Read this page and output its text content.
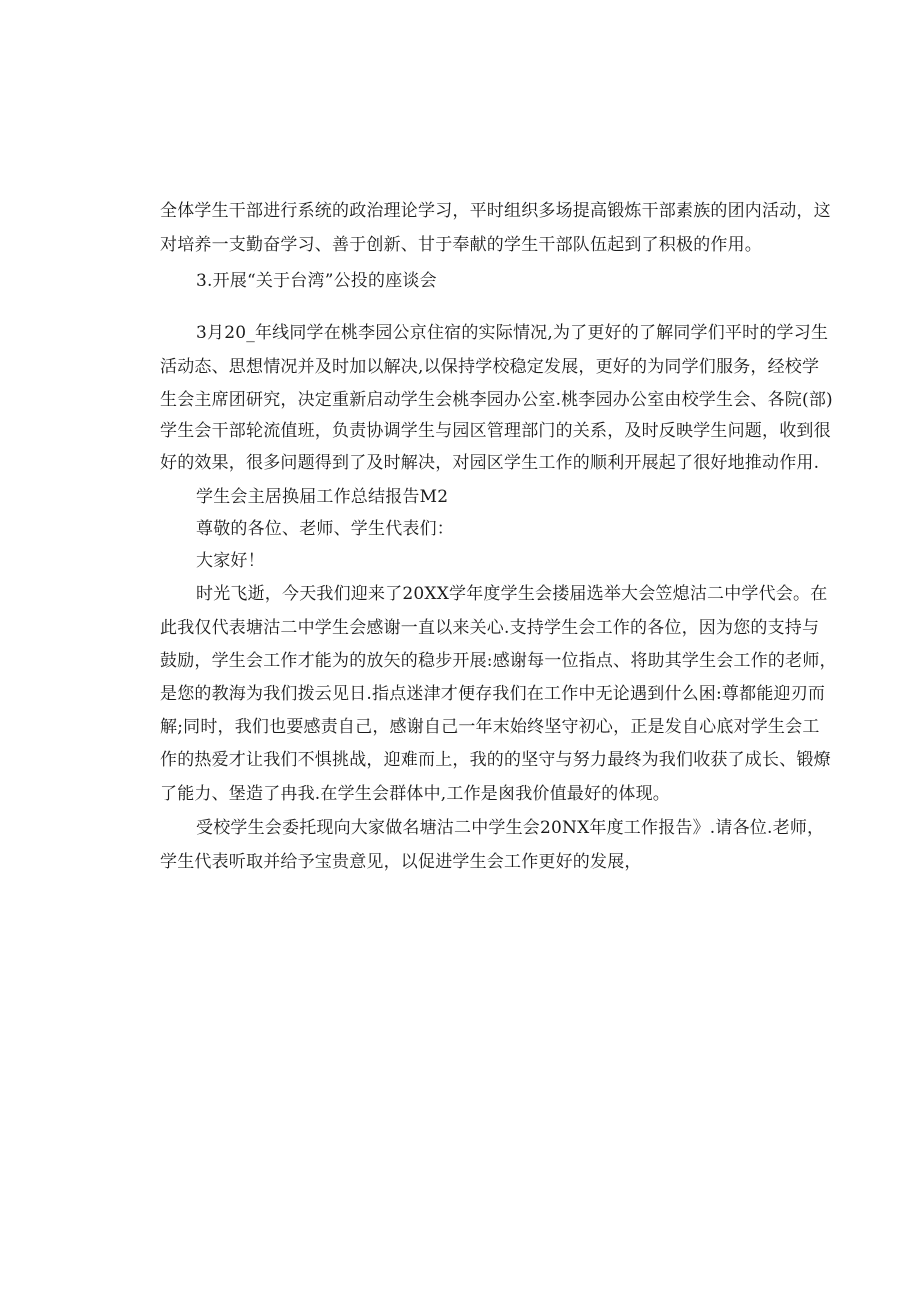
全体学生干部进行系统的政治理论学习，平时组织多场提高锻炼干部素族的团内活动，这
对培养一支勤奋学习、善于创新、甘于奉献的学生干部队伍起到了积极的作用。
3.开展“关于台湾”公投的座谈会
3月20_年线同学在桃李园公京住宿的实际情况,为了更好的了解同学们平时的学习生
活动态、思想情况并及时加以解决,以保持学校稳定发展，更好的为同学们服务，经校学
生会主席团研究，决定重新启动学生会桃李园办公室.桃李园办公室由校学生会、各院(部)
学生会干部轮流值班，负责协调学生与园区管理部门的关系，及时反映学生问题，收到很
好的效果，很多问题得到了及时解决，对园区学生工作的顺利开展起了很好地推动作用.
学生会主居换届工作总结报告M2
尊敬的各位、老师、学生代表们：
大家好！
时光飞逝，今天我们迎来了20XX学年度学生会搂届选举大会笠熄沽二中学代会。在
此我仅代表塘沽二中学生会感谢一直以来关心.支持学生会工作的各位，因为您的支持与
鼓励，学生会工作才能为的放矢的稳步开展:感谢每一位指点、将助其学生会工作的老师，
是您的教海为我们拨云见日.指点迷津才便存我们在工作中无论遇到什么困:尊都能迎刃而
解;同时，我们也要感责自己，感谢自己一年末始终坚守初心，正是发自心底对学生会工
作的热爱才让我们不惧挑战，迎难而上，我的的坚守与努力最终为我们收获了成长、锻燎
了能力、堡造了冉我.在学生会群体中,工作是囪我价值最好的体现。
受校学生会委托现向大家做名塘沽二中学生会20NX年度工作报告》.请各位.老师，
学生代表听取并给予宝贵意见，以促进学生会工作更好的发展，
